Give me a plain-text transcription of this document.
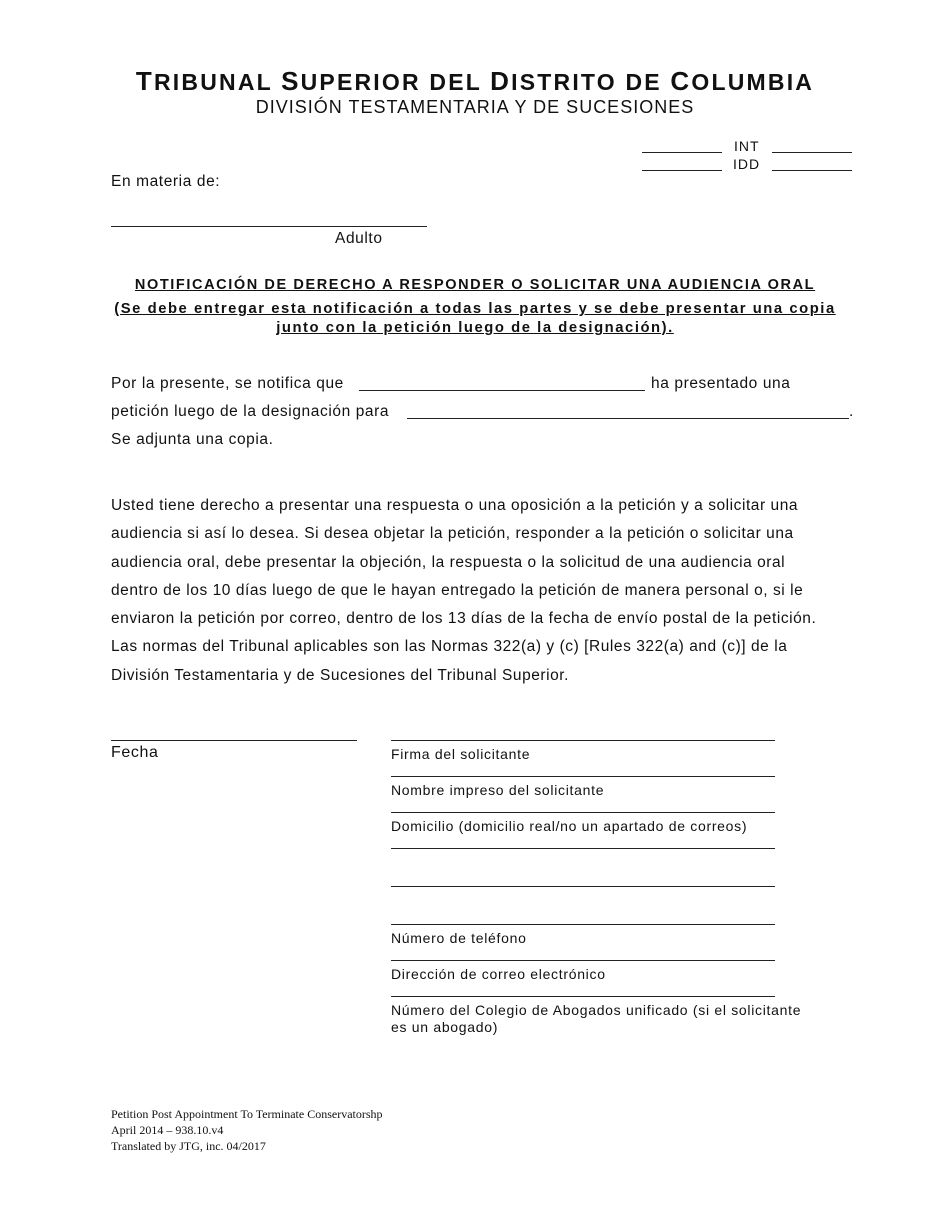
TRIBUNAL SUPERIOR DEL DISTRITO DE COLUMBIA
DIVISIÓN TESTAMENTARIA Y DE SUCESIONES
INT
IDD
En materia de:
Adulto
NOTIFICACIÓN DE DERECHO A RESPONDER O SOLICITAR UNA AUDIENCIA ORAL
(Se debe entregar esta notificación a todas las partes y se debe presentar una copia
junto con la petición luego de la designación).
Por la presente, se notifica que	ha presentado una
petición luego de la designación para	.
Se adjunta una copia.
Usted tiene derecho a presentar una respuesta o una oposición a la petición y a solicitar una
audiencia si así lo desea. Si desea objetar la petición, responder a la petición o solicitar una
audiencia oral, debe presentar la objeción, la respuesta o la solicitud de una audiencia oral
dentro de los 10 días luego de que le hayan entregado la petición de manera personal o, si le
enviaron la petición por correo, dentro de los 13 días de la fecha de envío postal de la petición.
Las normas del Tribunal aplicables son las Normas 322(a) y (c) [Rules 322(a) and (c)] de la
División Testamentaria y de Sucesiones del Tribunal Superior.
Fecha	Firma del solicitante
Nombre impreso del solicitante
Domicilio (domicilio real/no un apartado de correos)
Número de teléfono
Dirección de correo electrónico
Número del Colegio de Abogados unificado (si el solicitante
es un abogado)
Petition Post Appointment To Terminate Conservatorshp
April 2014 – 938.10.v4
Translated by JTG, inc. 04/2017
